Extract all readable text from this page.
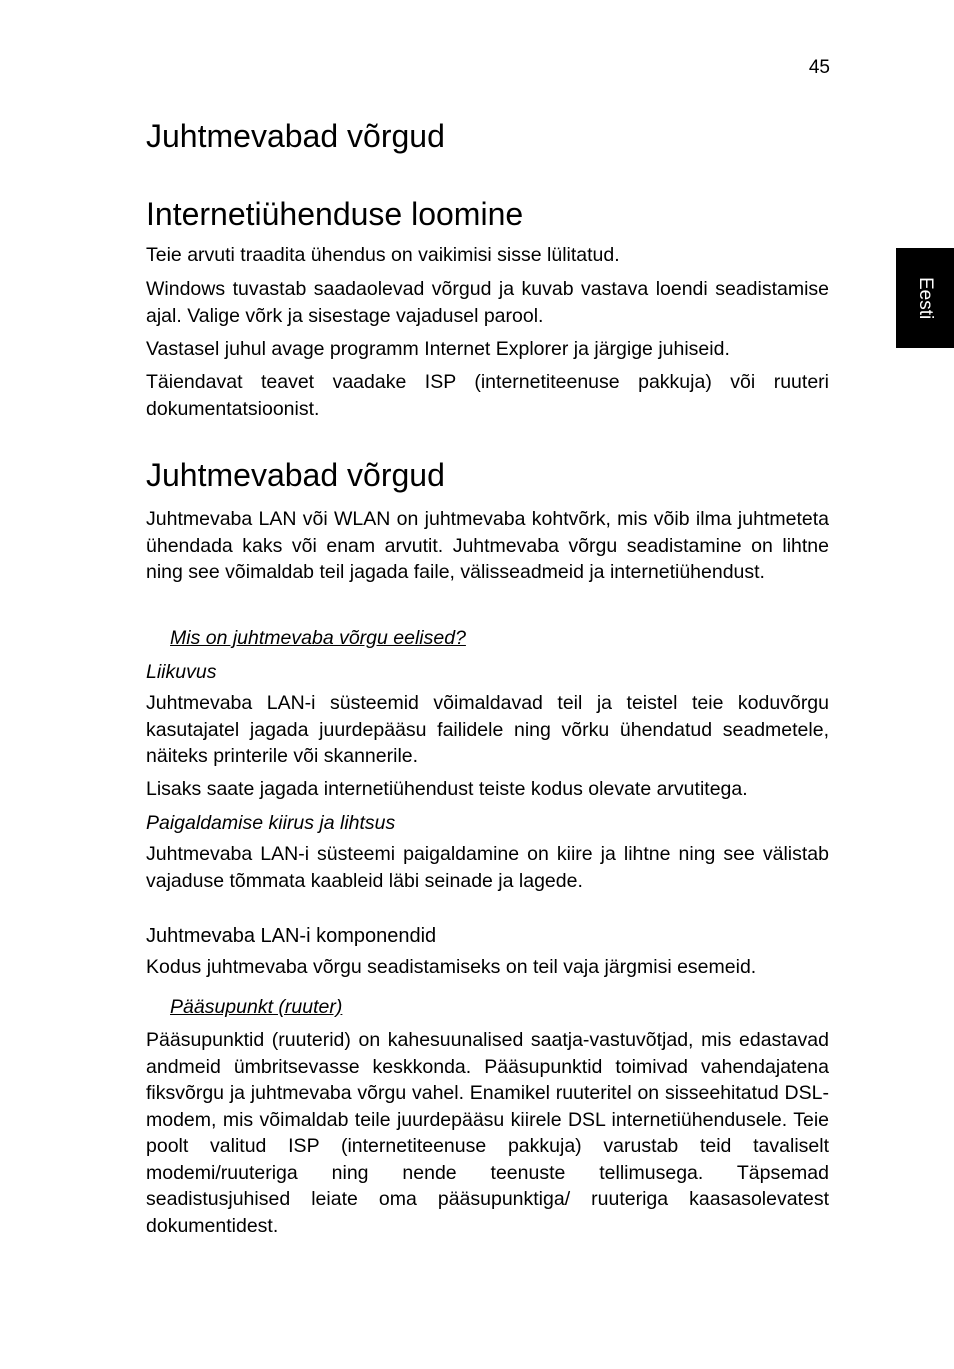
45
Eesti
Juhtmevabad võrgud
Internetiühenduse loomine

Teie arvuti traadita ühendus on vaikimisi sisse lülitatud.

Windows tuvastab saadaolevad võrgud ja kuvab vastava loendi seadistamise ajal. Valige võrk ja sisestage vajadusel parool.

Vastasel juhul avage programm Internet Explorer ja järgige juhiseid.

Täiendavat teavet vaadake ISP (internetiteenuse pakkuja) või ruuteri dokumentatsioonist.

Juhtmevabad võrgud

Juhtmevaba LAN või WLAN on juhtmevaba kohtvõrk, mis võib ilma juhtmeteta ühendada kaks või enam arvutit. Juhtmevaba võrgu seadistamine on lihtne ning see võimaldab teil jagada faile, välisseadmeid ja internetiühendust.

Mis on juhtmevaba võrgu eelised?
Liikuvus

Juhtmevaba LAN-i süsteemid võimaldavad teil ja teistel teie koduvõrgu kasutajatel jagada juurdepääsu failidele ning võrku ühendatud seadmetele, näiteks printerile või skannerile.

Lisaks saate jagada internetiühendust teiste kodus olevate arvutitega.

Paigaldamise kiirus ja lihtsus

Juhtmevaba LAN-i süsteemi paigaldamine on kiire ja lihtne ning see välistab vajaduse tõmmata kaableid läbi seinade ja lagede.

Juhtmevaba LAN-i komponendid

Kodus juhtmevaba võrgu seadistamiseks on teil vaja järgmisi esemeid.

Pääsupunkt (ruuter)

Pääsupunktid (ruuterid) on kahesuunalised saatja-vastuvõtjad, mis edastavad andmeid ümbritsevasse keskkonda. Pääsupunktid toimivad vahendajatena fiksvõrgu ja juhtmevaba võrgu vahel. Enamikel ruuteritel on sisseehitatud DSL-modem, mis võimaldab teile juurdepääsu kiirele DSL internetiühendusele. Teie poolt valitud ISP (internetiteenuse pakkuja) varustab teid tavaliselt modemi/ruuteriga ning nende teenuste tellimusega. Täpsemad seadistusjuhised leiate oma pääsupunktiga/ ruuteriga kaasasolevatest dokumentidest.
